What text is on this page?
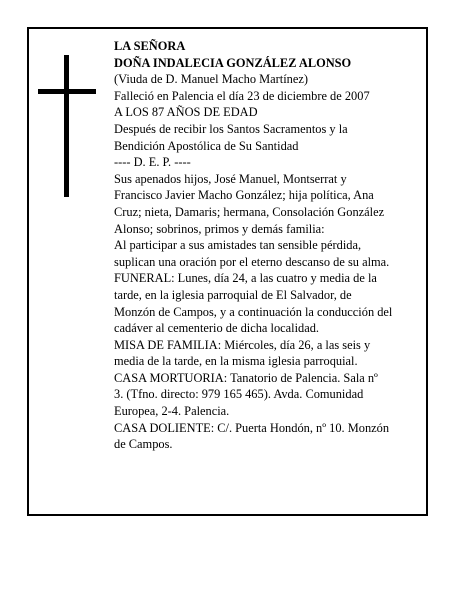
LA SEÑORA
DOÑA INDALECIA GONZÁLEZ ALONSO
(Viuda de D. Manuel Macho Martínez)
Falleció en Palencia el día 23 de diciembre de 2007
A LOS 87 AÑOS DE EDAD
Después de recibir los Santos Sacramentos y la
Bendición Apostólica de Su Santidad
---- D. E. P. ----
Sus apenados hijos, José Manuel, Montserrat y
Francisco Javier Macho González; hija política, Ana
Cruz; nieta, Damaris; hermana, Consolación González
Alonso; sobrinos, primos y demás familia:
Al participar a sus amistades tan sensible pérdida,
suplican una oración por el eterno descanso de su alma.
FUNERAL: Lunes, día 24, a las cuatro y media de la
tarde, en la iglesia parroquial de El Salvador, de
Monzón de Campos, y a continuación la conducción del
cadáver al cementerio de dicha localidad.
MISA DE FAMILIA: Miércoles, día 26, a las seis y
media de la tarde, en la misma iglesia parroquial.
CASA MORTUORIA: Tanatorio de Palencia. Sala nº
3. (Tfno. directo: 979 165 465). Avda. Comunidad
Europea, 2-4. Palencia.
CASA DOLIENTE: C/. Puerta Hondón, nº 10. Monzón
de Campos.
